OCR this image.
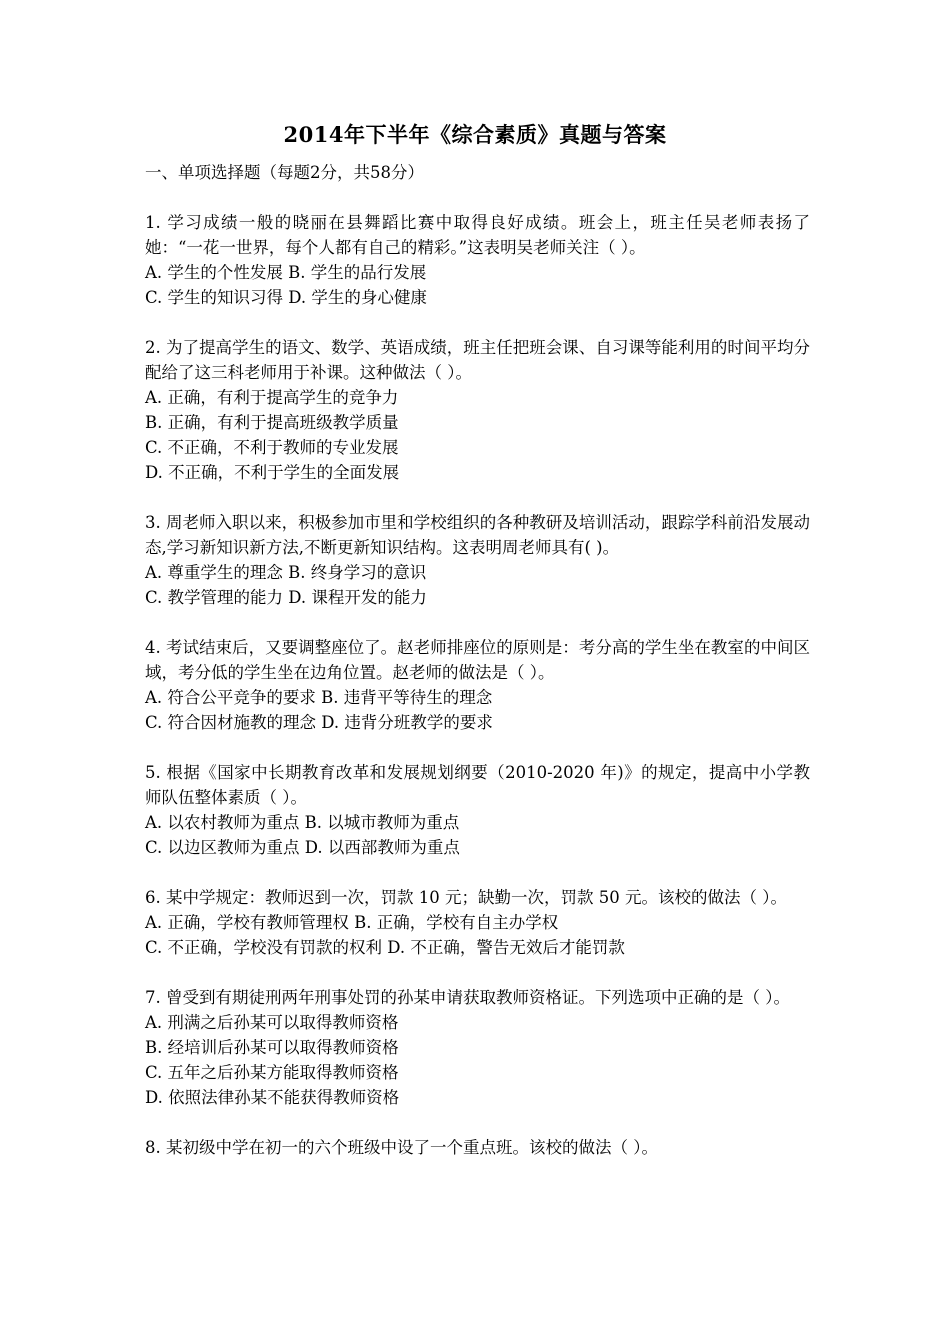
2014年下半年《综合素质》真题与答案

一、单项选择题（每题2分，共58分）

1. 学习成绩一般的晓丽在县舞蹈比赛中取得良好成绩。班会上，班主任吴老师表扬了她：“一花一世界，每个人都有自己的精彩。”这表明吴老师关注（ ）。

A. 学生的个性发展 B. 学生的品行发展

C. 学生的知识习得 D. 学生的身心健康

2. 为了提高学生的语文、数学、英语成绩，班主任把班会课、自习课等能利用的时间平均分配给了这三科老师用于补课。这种做法（ ）。

A. 正确，有利于提高学生的竞争力

B. 正确，有利于提高班级教学质量

C. 不正确，不利于教师的专业发展

D. 不正确，不利于学生的全面发展

3. 周老师入职以来，积极参加市里和学校组织的各种教研及培训活动，跟踪学科前沿发展动态,学习新知识新方法,不断更新知识结构。这表明周老师具有( )。

A. 尊重学生的理念 B. 终身学习的意识

C. 教学管理的能力 D. 课程开发的能力

4. 考试结束后，又要调整座位了。赵老师排座位的原则是：考分高的学生坐在教室的中间区域，考分低的学生坐在边角位置。赵老师的做法是（ ）。

A. 符合公平竞争的要求 B. 违背平等待生的理念

C. 符合因材施教的理念 D. 违背分班教学的要求

5. 根据《国家中长期教育改革和发展规划纲要（2010-2020 年)》的规定，提高中小学教师队伍整体素质（ ）。

A. 以农村教师为重点 B. 以城市教师为重点

C. 以边区教师为重点 D. 以西部教师为重点

6. 某中学规定：教师迟到一次，罚款 10 元；缺勤一次，罚款 50 元。该校的做法（ ）。

A. 正确，学校有教师管理权 B. 正确，学校有自主办学权

C. 不正确，学校没有罚款的权利 D. 不正确，警告无效后才能罚款

7. 曾受到有期徒刑两年刑事处罚的孙某申请获取教师资格证。下列选项中正确的是（ ）。

A. 刑满之后孙某可以取得教师资格

B. 经培训后孙某可以取得教师资格

C. 五年之后孙某方能取得教师资格

D. 依照法律孙某不能获得教师资格

8. 某初级中学在初一的六个班级中设了一个重点班。该校的做法（ ）。
